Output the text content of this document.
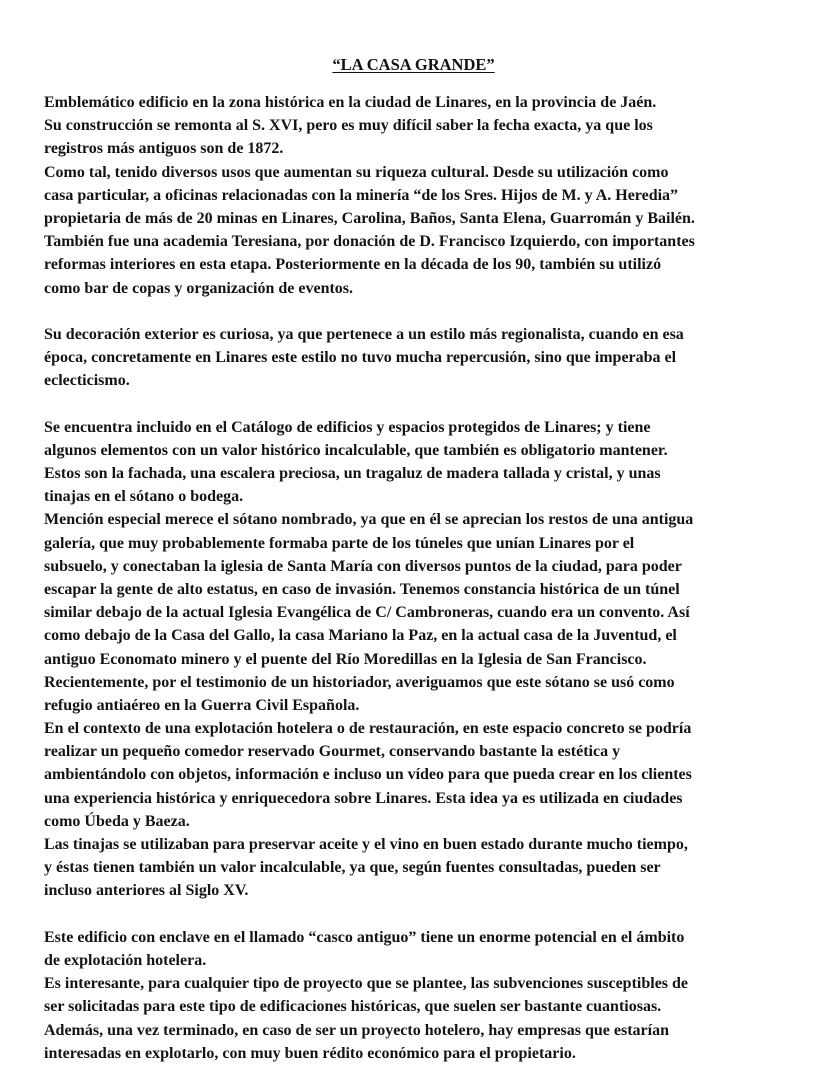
“LA CASA GRANDE”
Emblemático edificio en la zona histórica en la ciudad de Linares, en la provincia de Jaén.
Su construcción se remonta al S. XVI, pero es muy difícil saber la fecha exacta, ya que los
registros más antiguos son de 1872.
Como tal, tenido diversos usos que aumentan su riqueza cultural. Desde su utilización como
casa particular, a oficinas relacionadas con la minería “de los Sres. Hijos de M. y A. Heredia”
propietaria de más de 20 minas en Linares, Carolina, Baños, Santa Elena, Guarromán y Bailén.
También fue una academia Teresiana, por donación de D. Francisco Izquierdo, con importantes
reformas interiores en esta etapa. Posteriormente en la década de los 90, también su utilizó
como bar de copas y organización de eventos.
Su decoración exterior es curiosa, ya que pertenece a un estilo más regionalista, cuando en esa
época, concretamente en Linares este estilo no tuvo mucha repercusión, sino que imperaba el
eclecticismo.
Se encuentra incluido en el Catálogo de edificios y espacios protegidos de Linares; y tiene
algunos elementos con un valor histórico incalculable, que también es obligatorio mantener.
Estos son la fachada, una escalera preciosa, un tragaluz de madera tallada y cristal, y unas
tinajas en el sótano o bodega.
Mención especial merece el sótano nombrado, ya que en él se aprecian los restos de una antigua
galería, que muy probablemente formaba parte de los túneles que unían Linares por el
subsuelo, y conectaban la iglesia de Santa María con diversos puntos de la ciudad, para poder
escapar la gente de alto estatus, en caso de invasión. Tenemos constancia histórica de un túnel
similar debajo de la actual Iglesia Evangélica de C/ Cambroneras, cuando era un convento. Así
como debajo de la Casa del Gallo, la casa Mariano la Paz, en la actual casa de la Juventud, el
antiguo Economato minero y el puente del Río Moredillas en la Iglesia de San Francisco.
Recientemente, por el testimonio de un historiador, averiguamos que este sótano se usó como
refugio antiaéreo en la Guerra Civil Española.
En el contexto de una explotación hotelera o de restauración, en este espacio concreto se podría
realizar un pequeño comedor reservado Gourmet, conservando bastante la estética y
ambientándolo con objetos, información e incluso un vídeo para que pueda crear en los clientes
una experiencia histórica y enriquecedora sobre Linares. Esta idea ya es utilizada en ciudades
como Úbeda y Baeza.
Las tinajas se utilizaban para preservar aceite y el vino en buen estado durante mucho tiempo,
y éstas tienen también un valor incalculable, ya que, según fuentes consultadas, pueden ser
incluso anteriores al Siglo XV.
Este edificio con enclave en el llamado “casco antiguo” tiene un enorme potencial en el ámbito
de explotación hotelera.
Es interesante, para cualquier tipo de proyecto que se plantee, las subvenciones susceptibles de
ser solicitadas para este tipo de edificaciones históricas, que suelen ser bastante cuantiosas.
Además, una vez terminado, en caso de ser un proyecto hotelero, hay empresas que estarían
interesadas en explotarlo, con muy buen rédito económico para el propietario.
